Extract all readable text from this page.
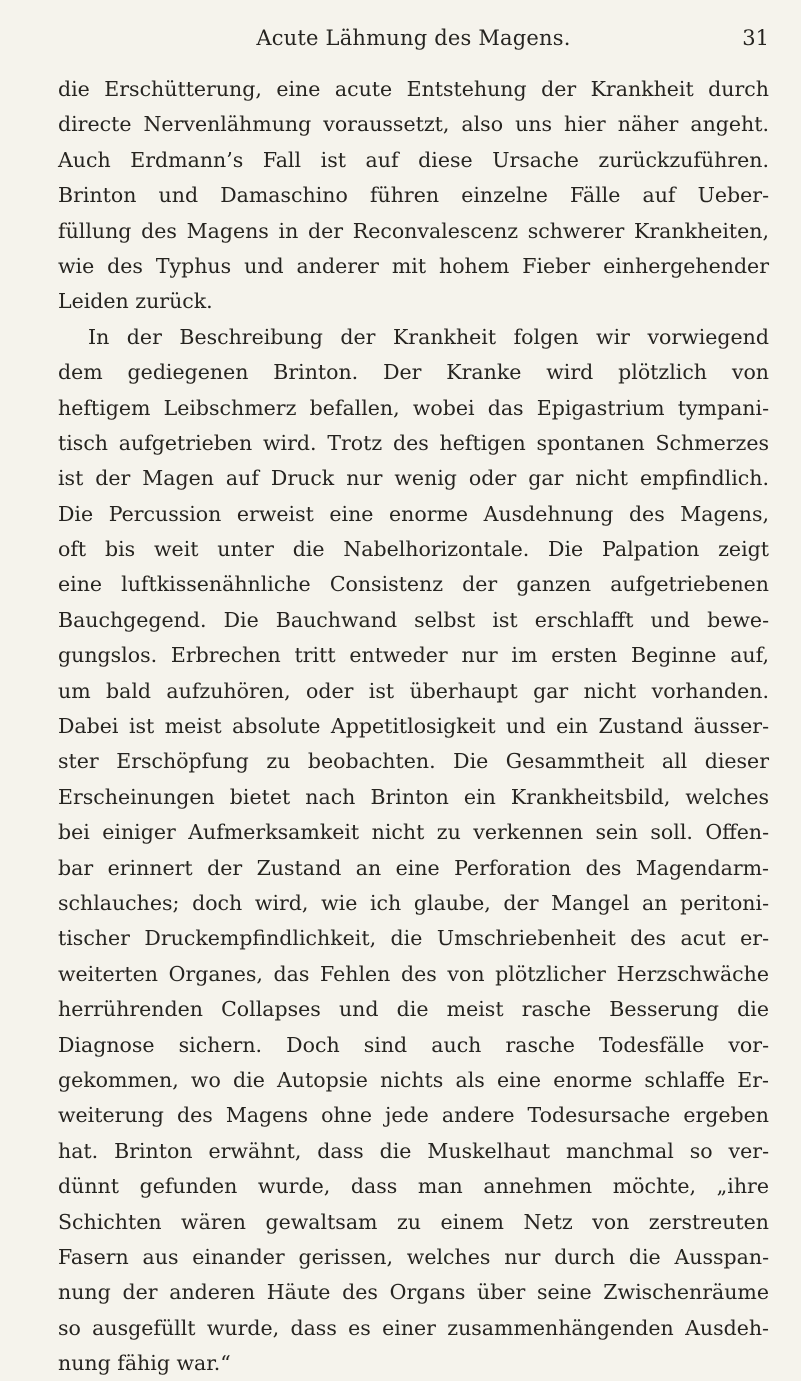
Acute Lähmung des Magens.	31
die Erschütterung, eine acute Entstehung der Krankheit durch
directe Nervenlähmung voraussetzt, also uns hier näher angeht.
Auch Erdmann’s Fall ist auf diese Ursache zurückzuführen.
Brinton und Damaschino führen einzelne Fälle auf Ueber-
füllung des Magens in der Reconvalescenz schwerer Krankheiten,
wie des Typhus und anderer mit hohem Fieber einhergehender
Leiden zurück.
In der Beschreibung der Krankheit folgen wir vorwiegend
dem gediegenen Brinton. Der Kranke wird plötzlich von
heftigem Leibschmerz befallen, wobei das Epigastrium tympani-
tisch aufgetrieben wird. Trotz des heftigen spontanen Schmerzes
ist der Magen auf Druck nur wenig oder gar nicht empfindlich.
Die Percussion erweist eine enorme Ausdehnung des Magens,
oft bis weit unter die Nabelhorizontale. Die Palpation zeigt
eine luftkissenähnliche Consistenz der ganzen aufgetriebenen
Bauchgegend. Die Bauchwand selbst ist erschlafft und bewe-
gungslos. Erbrechen tritt entweder nur im ersten Beginne auf,
um bald aufzuhören, oder ist überhaupt gar nicht vorhanden.
Dabei ist meist absolute Appetitlosigkeit und ein Zustand äusser-
ster Erschöpfung zu beobachten. Die Gesammtheit all dieser
Erscheinungen bietet nach Brinton ein Krankheitsbild, welches
bei einiger Aufmerksamkeit nicht zu verkennen sein soll. Offen-
bar erinnert der Zustand an eine Perforation des Magendarm-
schlauches; doch wird, wie ich glaube, der Mangel an peritoni-
tischer Druckempfindlichkeit, die Umschriebenheit des acut er-
weiterten Organes, das Fehlen des von plötzlicher Herzschwäche
herrührenden Collapses und die meist rasche Besserung die
Diagnose sichern. Doch sind auch rasche Todesfälle vor-
gekommen, wo die Autopsie nichts als eine enorme schlaffe Er-
weiterung des Magens ohne jede andere Todesursache ergeben
hat. Brinton erwähnt, dass die Muskelhaut manchmal so ver-
dünnt gefunden wurde, dass man annehmen möchte, „ihre
Schichten wären gewaltsam zu einem Netz von zerstreuten
Fasern aus einander gerissen, welches nur durch die Ausspan-
nung der anderen Häute des Organs über seine Zwischenräume
so ausgefüllt wurde, dass es einer zusammenhängenden Ausdeh-
nung fähig war.“
